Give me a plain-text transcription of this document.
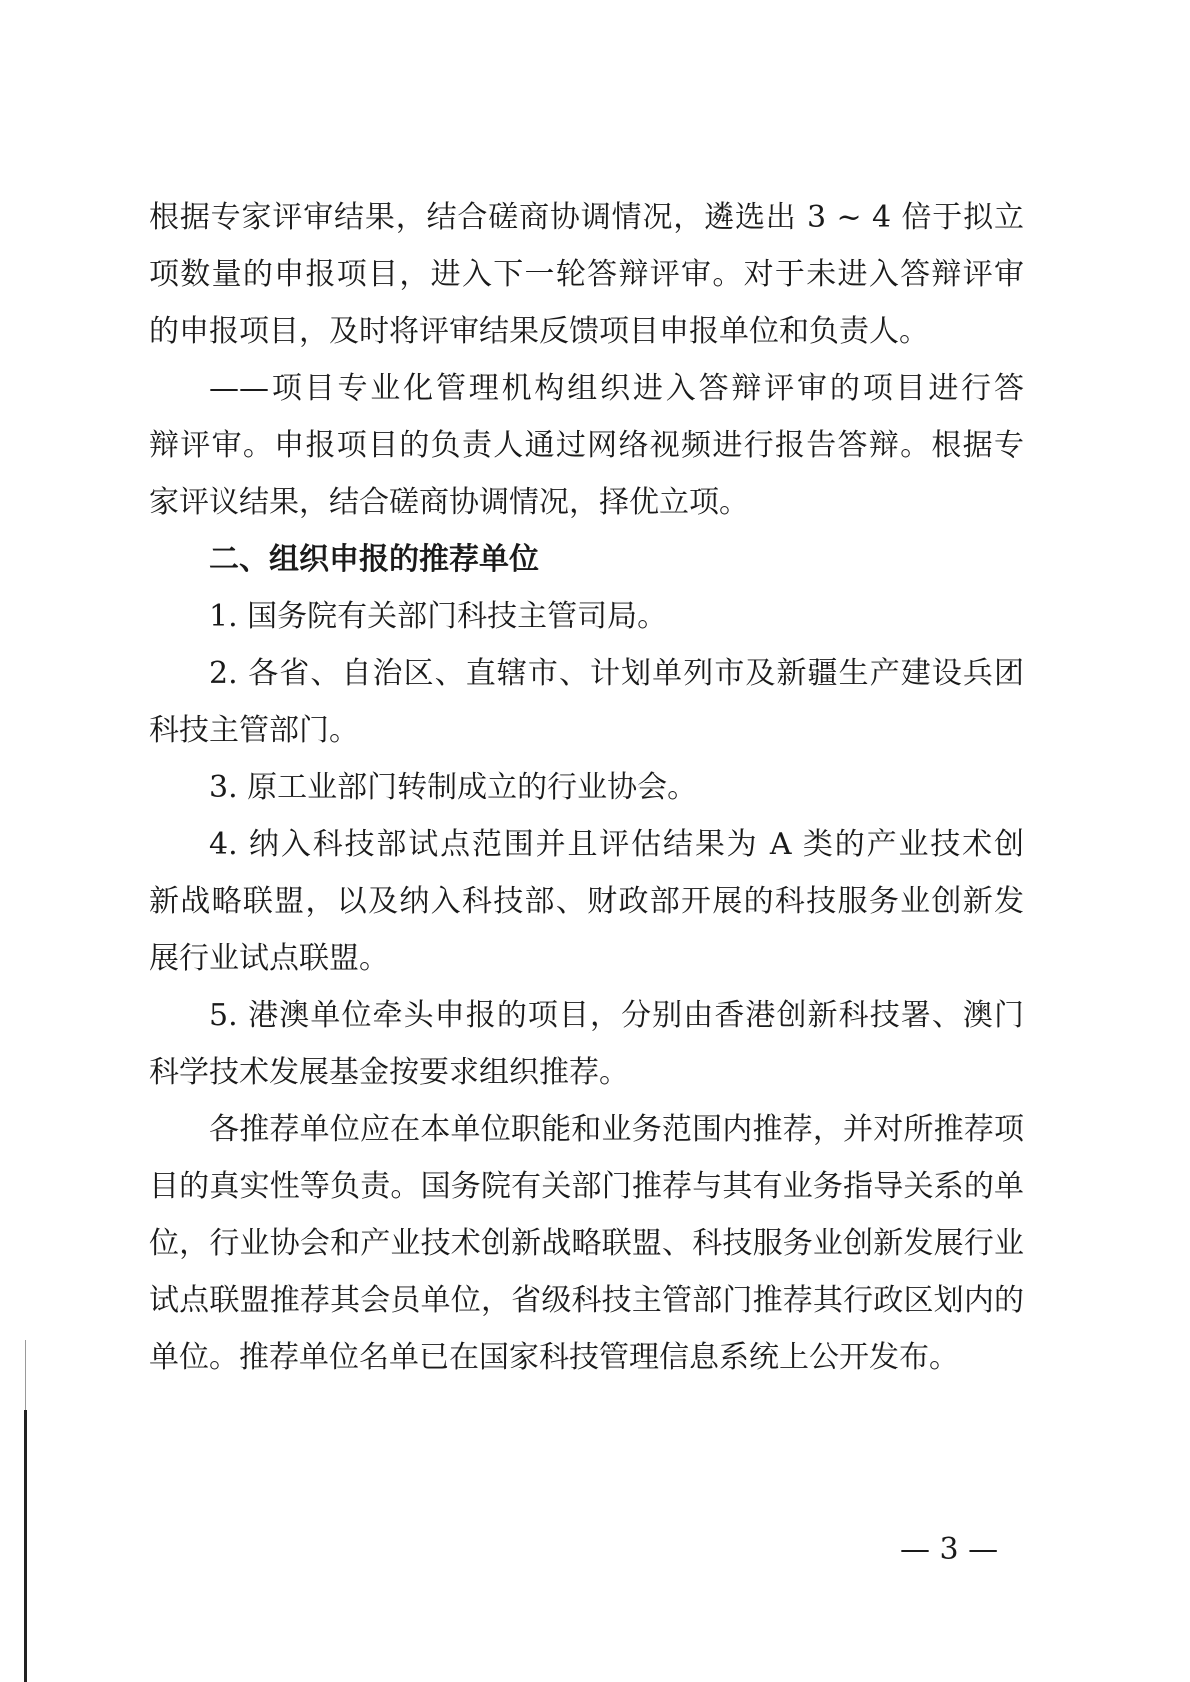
根据专家评审结果，结合磋商协调情况，遴选出 3 ~ 4 倍于拟立
项数量的申报项目，进入下一轮答辩评审。对于未进入答辩评审
的申报项目，及时将评审结果反馈项目申报单位和负责人。
——项目专业化管理机构组织进入答辩评审的项目进行答
辩评审。申报项目的负责人通过网络视频进行报告答辩。根据专
家评议结果，结合磋商协调情况，择优立项。
二、组织申报的推荐单位
1. 国务院有关部门科技主管司局。
2. 各省、自治区、直辖市、计划单列市及新疆生产建设兵团
科技主管部门。
3. 原工业部门转制成立的行业协会。
4. 纳入科技部试点范围并且评估结果为 A 类的产业技术创
新战略联盟，以及纳入科技部、财政部开展的科技服务业创新发
展行业试点联盟。
5. 港澳单位牵头申报的项目，分别由香港创新科技署、澳门
科学技术发展基金按要求组织推荐。
各推荐单位应在本单位职能和业务范围内推荐，并对所推荐项
目的真实性等负责。国务院有关部门推荐与其有业务指导关系的单
位，行业协会和产业技术创新战略联盟、科技服务业创新发展行业
试点联盟推荐其会员单位，省级科技主管部门推荐其行政区划内的
单位。推荐单位名单已在国家科技管理信息系统上公开发布。
— 3 —
